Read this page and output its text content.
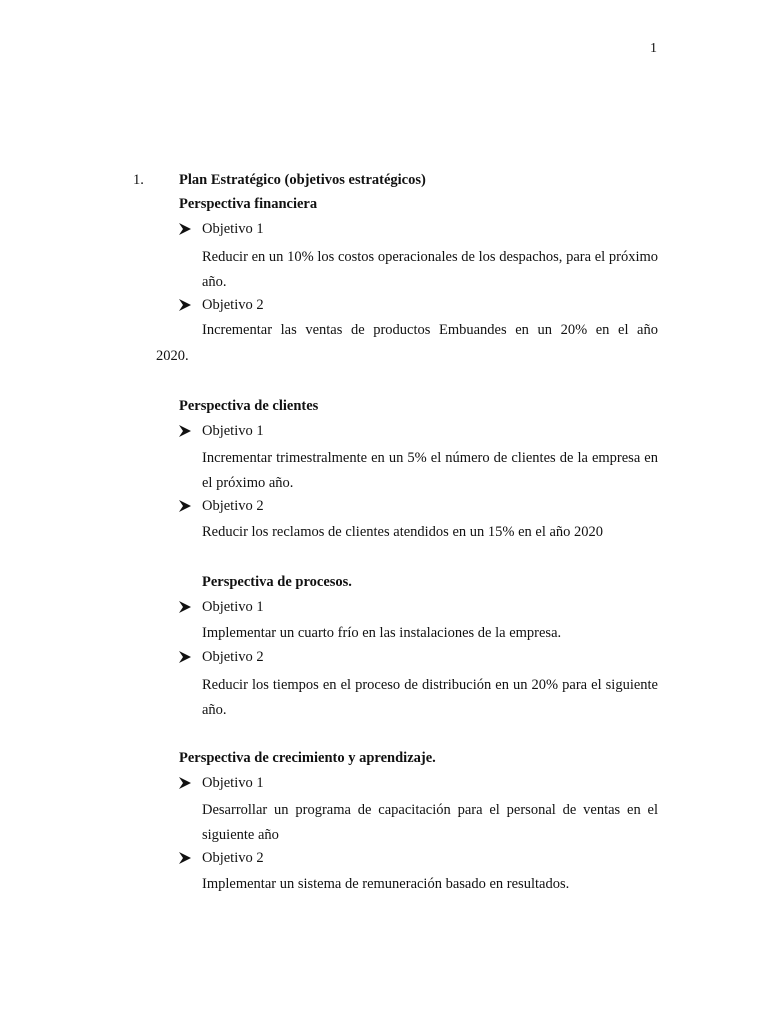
1
1. Plan Estratégico (objetivos estratégicos)
Perspectiva financiera
Objetivo 1
Reducir en un 10% los costos operacionales de los despachos, para el próximo año.
Objetivo 2
Incrementar las ventas de productos Embuandes en un 20% en el año
2020.
Perspectiva de clientes
Objetivo 1
Incrementar trimestralmente en un 5% el número de clientes de la empresa en el próximo año.
Objetivo 2
Reducir los reclamos de clientes atendidos en un 15% en el año 2020
Perspectiva de procesos.
Objetivo 1
Implementar un cuarto frío en las instalaciones de la empresa.
Objetivo 2
Reducir los tiempos en el proceso de distribución en un 20% para el siguiente año.
Perspectiva de crecimiento y aprendizaje.
Objetivo 1
Desarrollar un programa de capacitación para el personal de ventas en el siguiente año
Objetivo 2
Implementar un sistema de remuneración basado en resultados.
